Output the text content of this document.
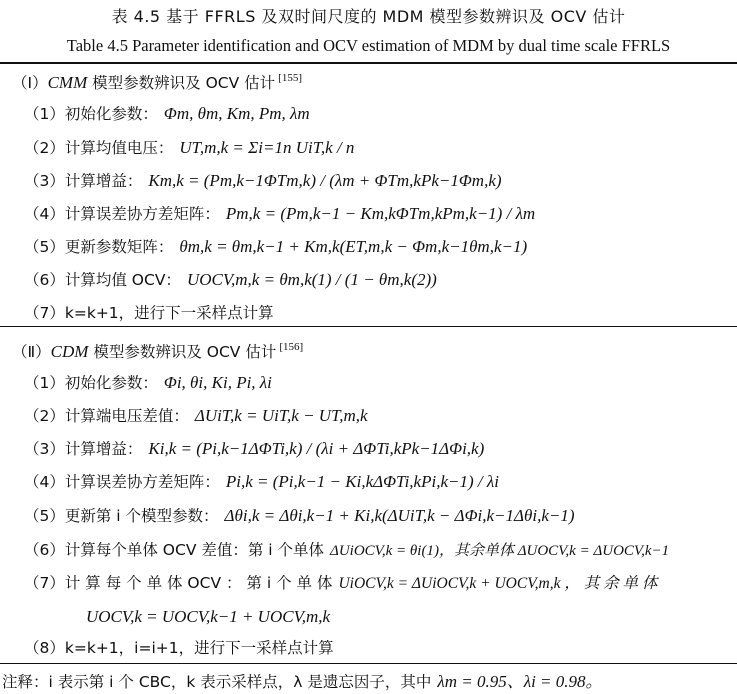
表 4.5 基于 FFRLS 及双时间尺度的 MDM 模型参数辨识及 OCV 估计
Table 4.5 Parameter identification and OCV estimation of MDM by dual time scale FFRLS
（Ⅰ）CMM 模型参数辨识及 OCV 估计 [155]
（1）初始化参数： Φm, θm, Km, Pm, λm
（2）计算均值电压： UT,m,k = Σi=1n UiT,k / n
（3）计算增益： Km,k = (Pm,k−1ΦTm,k) / (λm + ΦTm,kPk−1Φm,k)
（4）计算误差协方差矩阵： Pm,k = (Pm,k−1 − Km,kΦTm,kPm,k−1) / λm
（5）更新参数矩阵： θm,k = θm,k−1 + Km,k(ET,m,k − Φm,k−1θm,k−1)
（6）计算均值 OCV： UOCV,m,k = θm,k(1) / (1 − θm,k(2))
（7）k=k+1，进行下一采样点计算
（Ⅱ）CDM 模型参数辨识及 OCV 估计 [156]
（1）初始化参数： Φi, θi, Ki, Pi, λi
（2）计算端电压差值： ΔUiT,k = UiT,k − UT,m,k
（3）计算增益： Ki,k = (Pi,k−1ΔΦTi,k) / (λi + ΔΦTi,kPk−1ΔΦi,k)
（4）计算误差协方差矩阵： Pi,k = (Pi,k−1 − Ki,kΔΦTi,kPi,k−1) / λi
（5）更新第 i 个模型参数： Δθi,k = Δθi,k−1 + Ki,k(ΔUiT,k − ΔΦi,k−1Δθi,k−1)
（6）计算每个单体 OCV 差值：第 i 个单体 ΔUiOCV,k = θi(1)，其余单体 ΔUOCV,k = ΔUOCV,k−1
（7）计 算 每 个 单 体 OCV ： 第 i 个 单 体 UiOCV,k = ΔUiOCV,k + UOCV,m,k ， 其 余 单 体
UOCV,k = UOCV,k−1 + UOCV,m,k
（8）k=k+1，i=i+1，进行下一采样点计算
注释：i 表示第 i 个 CBC，k 表示采样点，λ 是遗忘因子，其中 λm = 0.95、λi = 0.98。
